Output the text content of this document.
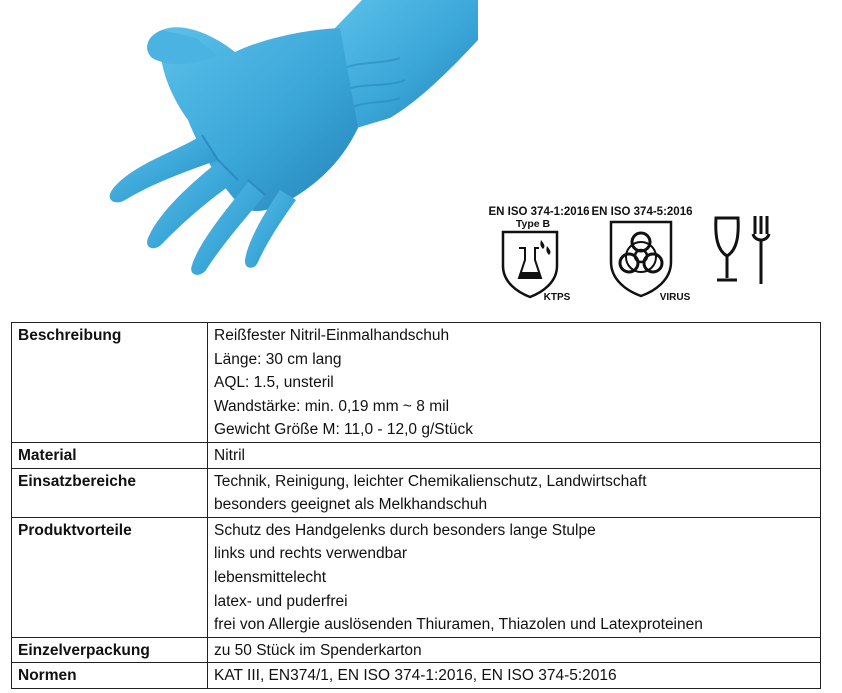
EN ISO 374-1:2016
Type B
KTPS
EN ISO 374-5:2016
VIRUS
Beschreibung	Reißfester Nitril-Einmalhandschuh
Länge: 30 cm lang
AQL: 1.5, unsteril
Wandstärke: min. 0,19 mm ~ 8 mil
Gewicht Größe M: 11,0 - 12,0 g/Stück

Material	Nitril

Einsatzbereiche	Technik, Reinigung, leichter Chemikalienschutz, Landwirtschaft
besonders geeignet als Melkhandschuh

Produktvorteile	Schutz des Handgelenks durch besonders lange Stulpe
links und rechts verwendbar
lebensmittelecht
latex- und puderfrei
frei von Allergie auslösenden Thiuramen, Thiazolen und Latexproteinen

Einzelverpackung	zu 50 Stück im Spenderkarton

Normen	KAT III, EN374/1, EN ISO 374-1:2016, EN ISO 374-5:2016
